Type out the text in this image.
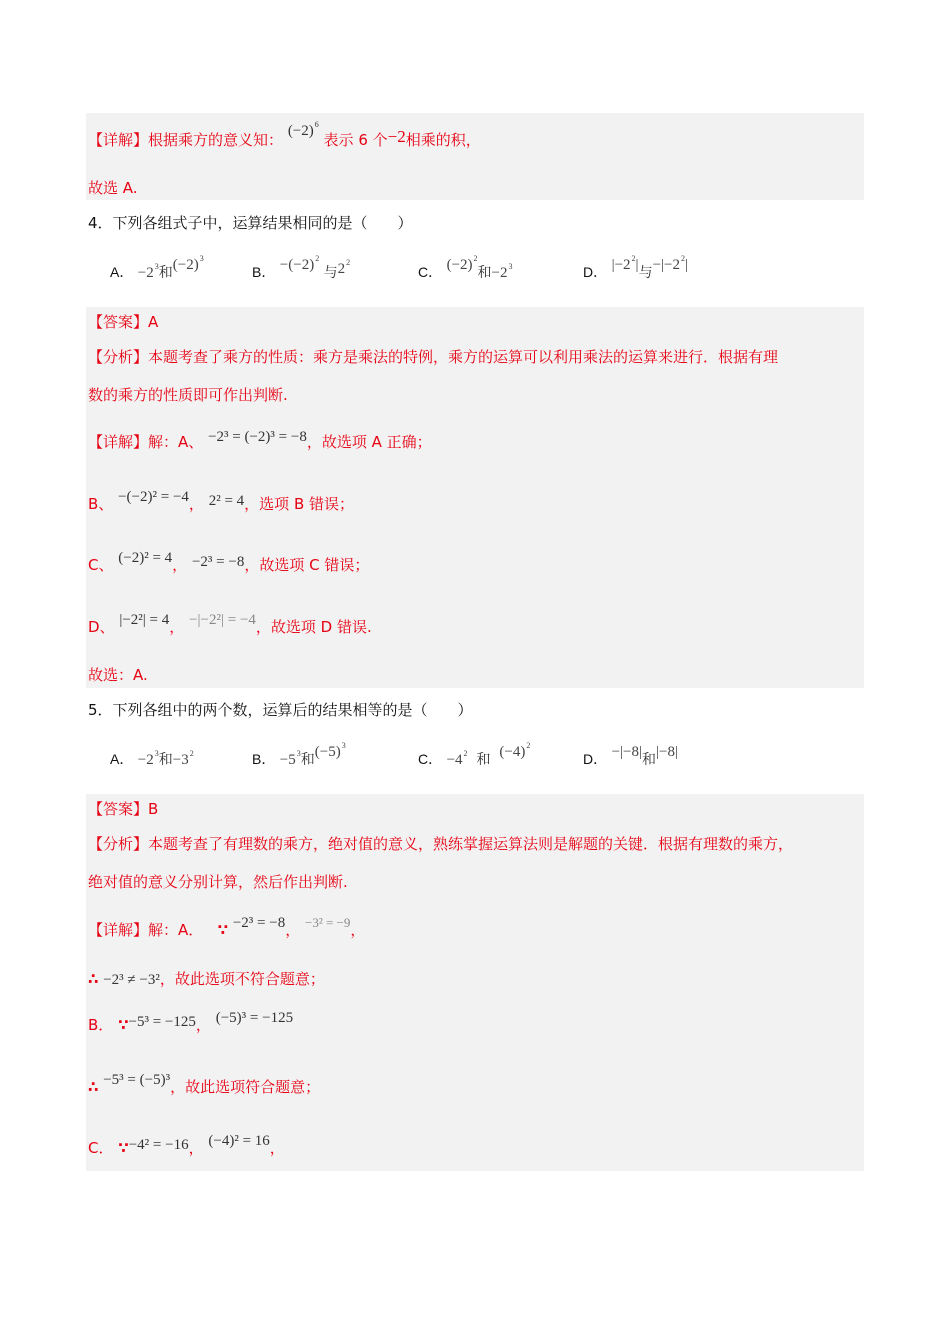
【详解】根据乘方的意义知： $(-2)^6$ 表示 6 个−2相乘的积，
故选 A.
4．下列各组式子中，运算结果相同的是（　　）
A． $-2^3$和$(-2)^3$
B． $-(-2)^2$ 与$2^2$
C． $(-2)^2$和$-2^3$	D． $|-2^2|$与$-|-2^2|$
【答案】A
【分析】本题考查了乘方的性质：乘方是乘法的特例，乘方的运算可以利用乘法的运算来进行．根据有理
数的乘方的性质即可作出判断.
【详解】解：A、 −2³ = (−2)³ = −8，故选项 A 正确；
B、 −(−2)² = −4， 2² = 4，选项 B 错误；
C、 (−2)² = 4， −2³ = −8，故选项 C 错误；
D、 |−2²| = 4， −|−2²| = −4，故选项 D 错误.
故选：A.
5．下列各组中的两个数，运算后的结果相等的是（　　）
A． $-2^3$和$-3^2$	B． $-5^3$和$(-5)^3$
C． $-4^2$ 和 $(-4)^2$
D． −|−8|和|−8|
【答案】B
【分析】本题考查了有理数的乘方，绝对值的意义，熟练掌握运算法则是解题的关键．根据有理数的乘方，
绝对值的意义分别计算，然后作出判断.
【详解】解：A． ∵ −2³ = −8， −3² = −9，
∴ −2³ ≠ −3²，故此选项不符合题意；
B． ∵−5³ = −125， (−5)³ = −125
∴ −5³ = (−5)³，故此选项符合题意；
C． ∵−4² = −16， (−4)² = 16，
